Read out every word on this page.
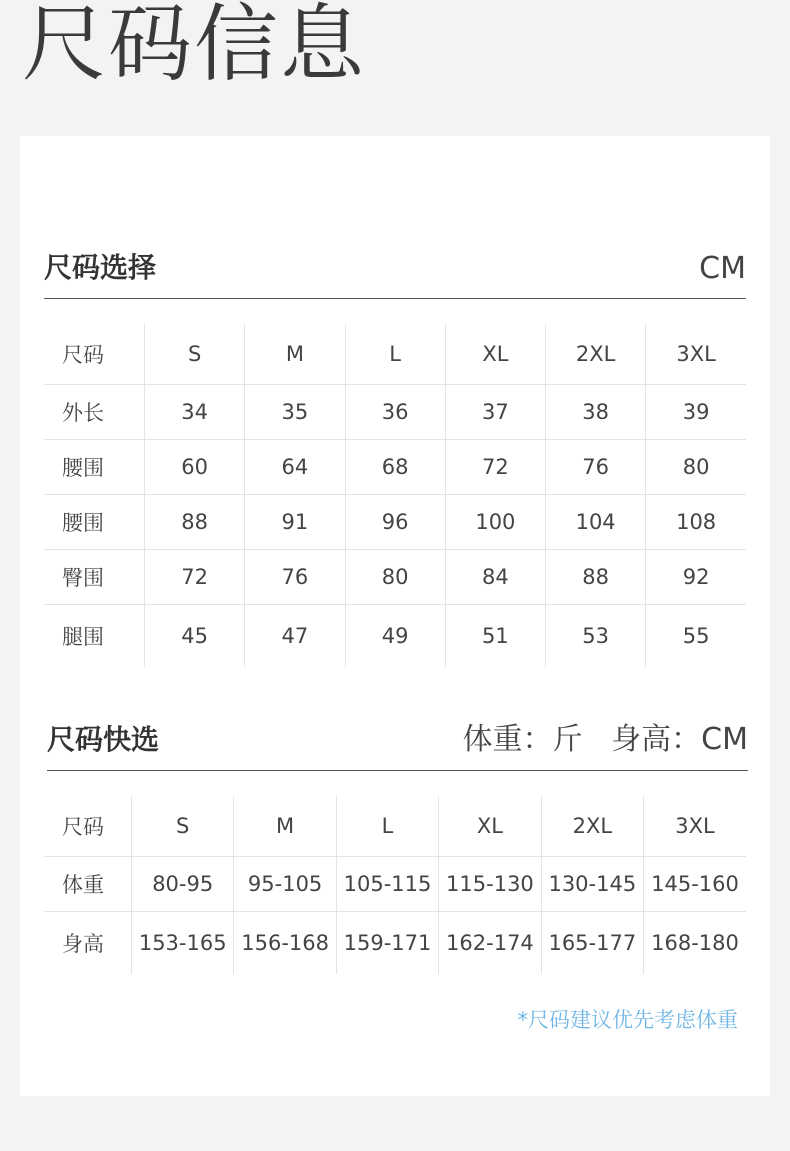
尺码信息
尺码选择	CM
尺码	S	M	L	XL	2XL	3XL
外长	34	35	36	37	38	39
腰围	60	64	68	72	76	80
腰围	88	91	96	100	104	108
臀围	72	76	80	84	88	92
腿围	45	47	49	51	53	55
尺码快选	体重：斤   身高：CM
尺码	S	M	L	XL	2XL	3XL
体重	80-95	95-105	105-115	115-130	130-145	145-160
身高	153-165	156-168	159-171	162-174	165-177	168-180
*尺码建议优先考虑体重
